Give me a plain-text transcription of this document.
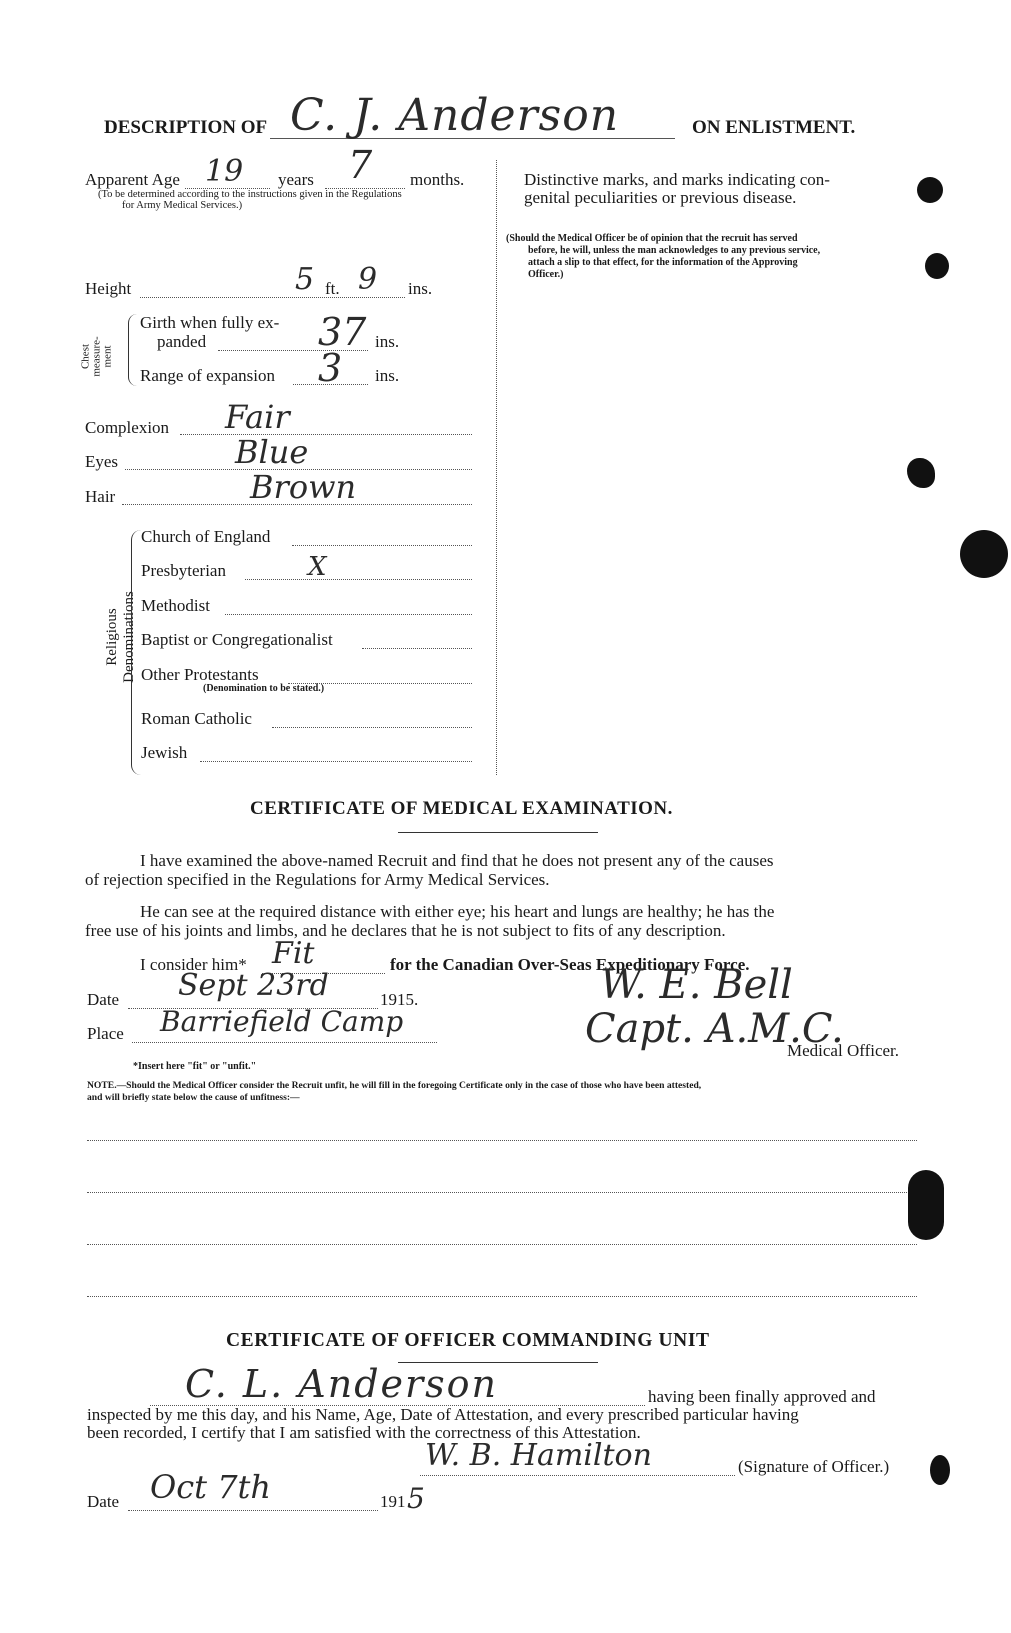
DESCRIPTION OF C. J. Anderson	ON ENLISTMENT.
Apparent Age 19 years 7 months.
(To be determined according to the instructions given in the Regulations
for Army Medical Services.)
Height	5 ft. 9 ins.
Chest measure- ment
Girth when fully ex-
panded	37 ins.
Range of expansion 3 ins.
Complexion Fair
Eyes	Blue
Hair	Brown
Religious Denominations
Church of England
Presbyterian	X
Methodist
Baptist or Congregationalist
Other Protestants
(Denomination to be stated.)
Roman Catholic
Jewish
Distinctive marks, and marks indicating con-
genital peculiarities or previous disease.
(Should the Medical Officer be of opinion that the recruit has served
before, he will, unless the man acknowledges to any previous service,
attach a slip to that effect, for the information of the Approving
Officer.)
CERTIFICATE OF MEDICAL EXAMINATION.
I have examined the above-named Recruit and find that he does not present any of the causes
of rejection specified in the Regulations for Army Medical Services.
He can see at the required distance with either eye; his heart and lungs are healthy; he has the
free use of his joints and limbs, and he declares that he is not subject to fits of any description.
I consider him* Fit	for the Canadian Over-Seas Expeditionary Force.
Date Sept 23rd	1915.
Place Barriefield Camp
W. E. Bell
Capt. A.M.C.
Medical Officer.
*Insert here "fit" or "unfit."
NOTE.—Should the Medical Officer consider the Recruit unfit, he will fill in the foregoing Certificate only in the case of those who have been attested,
and will briefly state below the cause of unfitness:—
CERTIFICATE OF OFFICER COMMANDING UNIT
C. L. Anderson	having been finally approved and
inspected by me this day, and his Name, Age, Date of Attestation, and every prescribed particular having
been recorded, I certify that I am satisfied with the correctness of this Attestation.
W. B. Hamilton	(Signature of Officer.)
Date Oct 7th	191 5
